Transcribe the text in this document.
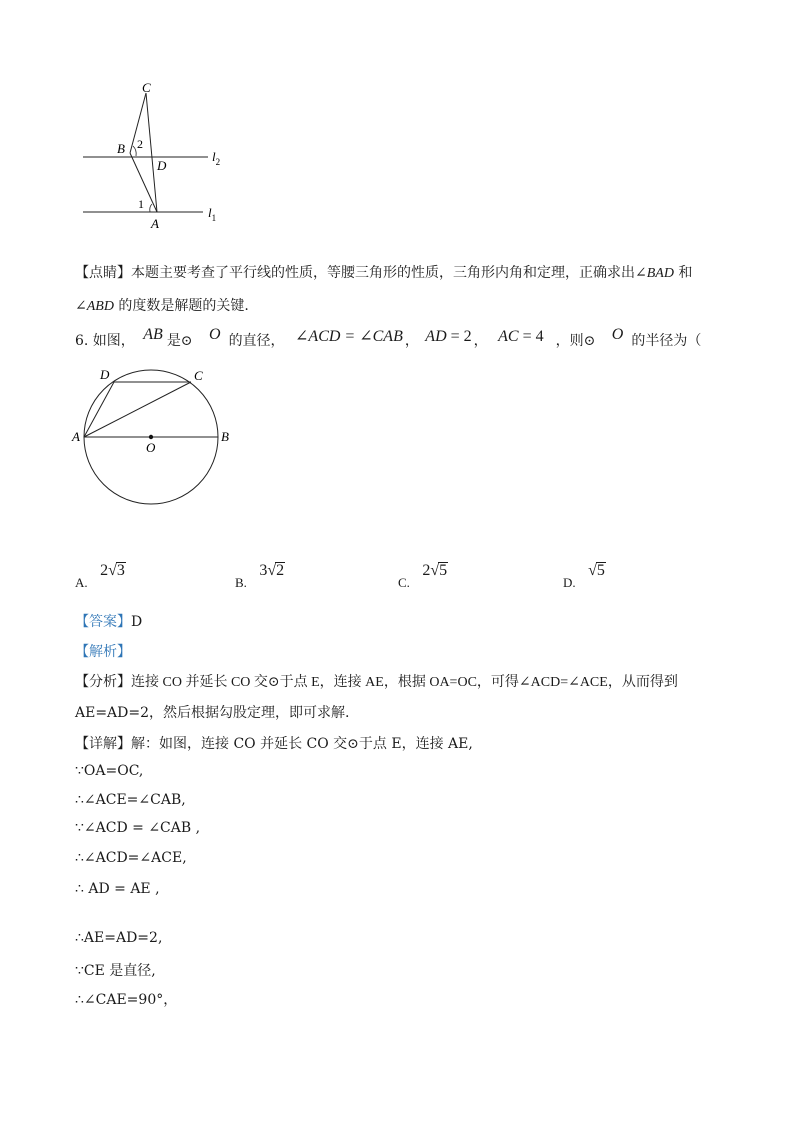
C
B 2
D
$l_2$
1
A
$l_1$
【点睛】本题主要考查了平行线的性质，等腰三角形的性质，三角形内角和定理，正确求出∠BAD 和
∠ABD 的度数是解题的关键.
6. 如图， AB 是⊙ O 的直径， ∠ACD = ∠CAB ， AD = 2 ， AC = 4 ，则⊙ O 的半径为（
D	C
A
O
B
A. 2√3
B. 3√2
C. 2√5
D. √5
【答案】D
【解析】
【分析】连接 CO 并延长 CO 交⊙于点 E，连接 AE，根据 OA=OC，可得∠ACD=∠ACE，从而得到
AE=AD=2，然后根据勾股定理，即可求解.
【详解】解：如图，连接 CO 并延长 CO 交⊙于点 E，连接 AE,
∵OA=OC,
∴∠ACE=∠CAB,
∵∠ACD = ∠CAB ,
∴∠ACD=∠ACE,
∴ AD = AE ,
∴AE=AD=2,
∵CE 是直径,
∴∠CAE=90°，
